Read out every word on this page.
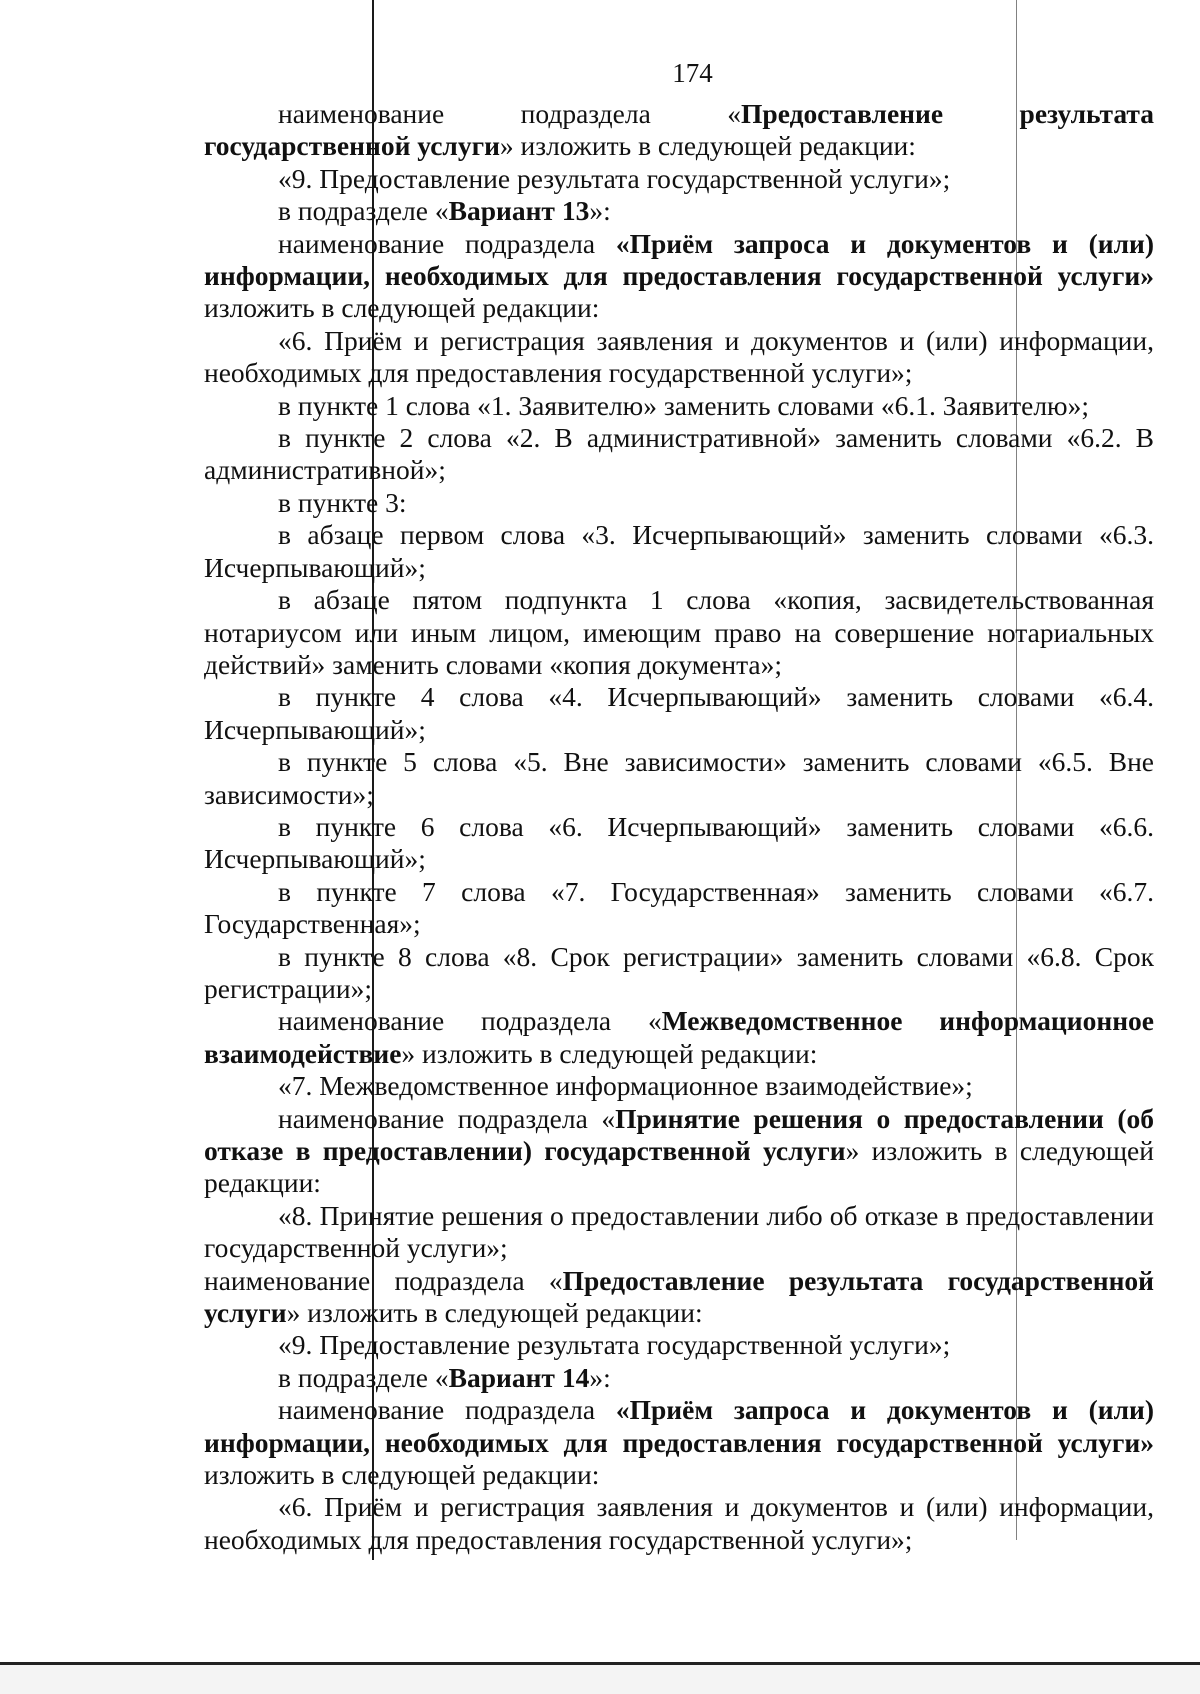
174

наименование подраздела «Предоставление результата государственной услуги» изложить в следующей редакции:

«9. Предоставление результата государственной услуги»;

в подразделе «Вариант 13»:

наименование подраздела «Приём запроса и документов и (или) информации, необходимых для предоставления государственной услуги» изложить в следующей редакции:

«6. Приём и регистрация заявления и документов и (или) информации, необходимых для предоставления государственной услуги»;

в пункте 1 слова «1. Заявителю» заменить словами «6.1. Заявителю»;

в пункте 2 слова «2. В административной» заменить словами «6.2. В административной»;

в пункте 3:

в абзаце первом слова «3. Исчерпывающий» заменить словами «6.3. Исчерпывающий»;

в абзаце пятом подпункта 1 слова «копия, засвидетельствованная нотариусом или иным лицом, имеющим право на совершение нотариальных действий» заменить словами «копия документа»;

в пункте 4 слова «4. Исчерпывающий» заменить словами «6.4. Исчерпывающий»;

в пункте 5 слова «5. Вне зависимости» заменить словами «6.5. Вне зависимости»;

в пункте 6 слова «6. Исчерпывающий» заменить словами «6.6. Исчерпывающий»;

в пункте 7 слова «7. Государственная» заменить словами «6.7. Государственная»;

в пункте 8 слова «8. Срок регистрации» заменить словами «6.8. Срок регистрации»;

наименование подраздела «Межведомственное информационное взаимодействие» изложить в следующей редакции:

«7. Межведомственное информационное взаимодействие»;

наименование подраздела «Принятие решения о предоставлении (об отказе в предоставлении) государственной услуги» изложить в следующей редакции:

«8. Принятие решения о предоставлении либо об отказе в предоставлении государственной услуги»;

наименование подраздела «Предоставление результата государственной услуги» изложить в следующей редакции:

«9. Предоставление результата государственной услуги»;

в подразделе «Вариант 14»:

наименование подраздела «Приём запроса и документов и (или) информации, необходимых для предоставления государственной услуги» изложить в следующей редакции:

«6. Приём и регистрация заявления и документов и (или) информации, необходимых для предоставления государственной услуги»;
